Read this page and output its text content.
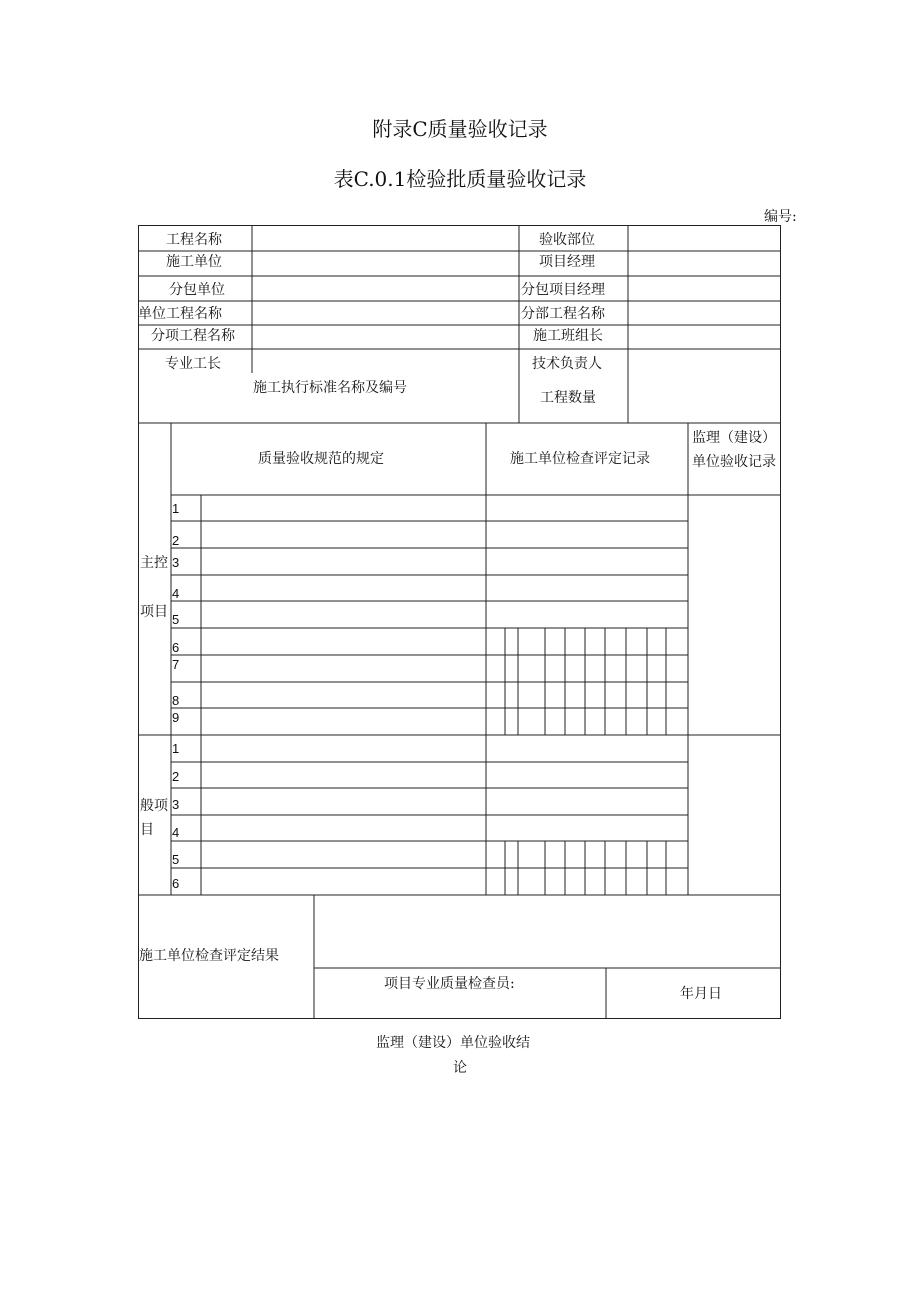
附录C质量验收记录
表C.0.1检验批质量验收记录
编号:
工程名称	验收部位
施工单位	项目经理
分包单位	分包项目经理
单位工程名称	分部工程名称
分项工程名称	施工班组长
专业工长	技术负责人
施工执行标准名称及编号
工程数量
质量验收规范的规定	施工单位检查评定记录
监理（建设）单位验收记录
主控
项目
1
2
3
4
5
6
7
8
9
般项
目
1
2
3
4
5
6
施工单位检查评定结果
项目专业质量检查员:
年月日
监理（建设）单位验收结
论
